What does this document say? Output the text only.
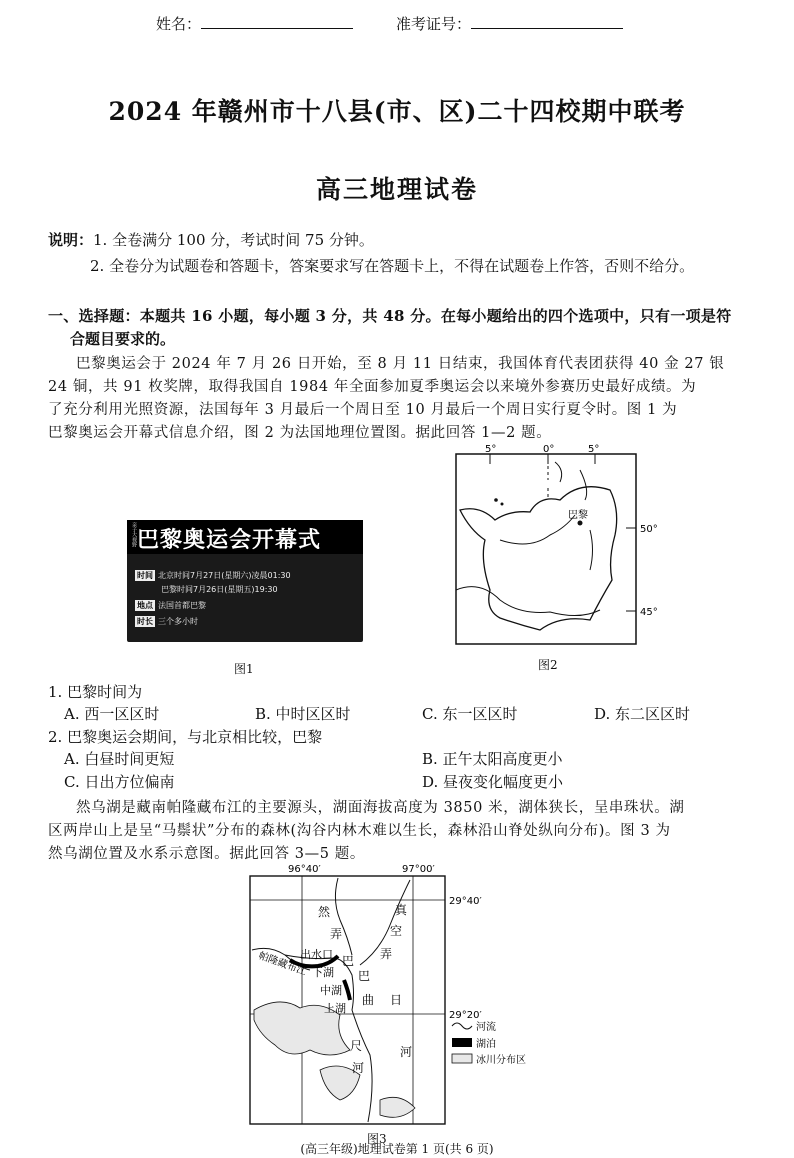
姓名：	准考证号：
2024 年赣州市十八县(市、区)二十四校期中联考
高三地理试卷
说明：1. 全卷满分 100 分，考试时间 75 分钟。
2. 全卷分为试题卷和答题卡，答案要求写在答题卡上，不得在试题卷上作答，否则不给分。
一、选择题：本题共 16 小题，每小题 3 分，共 48 分。在每小题给出的四个选项中，只有一项是符
合题目要求的。
巴黎奥运会于 2024 年 7 月 26 日开始，至 8 月 11 日结束，我国体育代表团获得 40 金 27 银
24 铜，共 91 枚奖牌，取得我国自 1984 年全面参加夏季奥运会以来境外参赛历史最好成绩。为
了充分利用光照资源，法国每年 3 月最后一个周日至 10 月最后一个周日实行夏令时。图 1 为
巴黎奥运会开幕式信息介绍，图 2 为法国地理位置图。据此回答 1—2 题。
巴黎奥运会开幕式
亲子大视野
时间 北京时间7月27日(星期六)凌晨01:30
巴黎时间7月26日(星期五)19:30
地点 法国首都巴黎
时长 三个多小时
图1
5°	0°	5°
50°
45°
巴黎
图2
1. 巴黎时间为
A. 西一区区时	B. 中时区区时	C. 东一区区时	D. 东二区区时
2. 巴黎奥运会期间，与北京相比较，巴黎
A. 白昼时间更短	B. 正午太阳高度更小
C. 日出方位偏南	D. 昼夜变化幅度更小
然乌湖是藏南帕隆藏布江的主要源头，湖面海拔高度为 3850 米，湖体狭长，呈串珠状。湖
区两岸山上是呈“马鬃状”分布的森林(沟谷内林木难以生长，森林沿山脊处纵向分布)。图 3 为
然乌湖位置及水系示意图。据此回答 3—5 题。
96°40′	97°00′
29°40′
29°20′
然
弄
真
空
弄
出水口
帕隆藏布江 下湖
中湖
上湖
巴
巴
曲 日
河
尺
河
河流
湖泊
冰川分布区
图3
(高三年级)地理试卷第 1 页(共 6 页)
